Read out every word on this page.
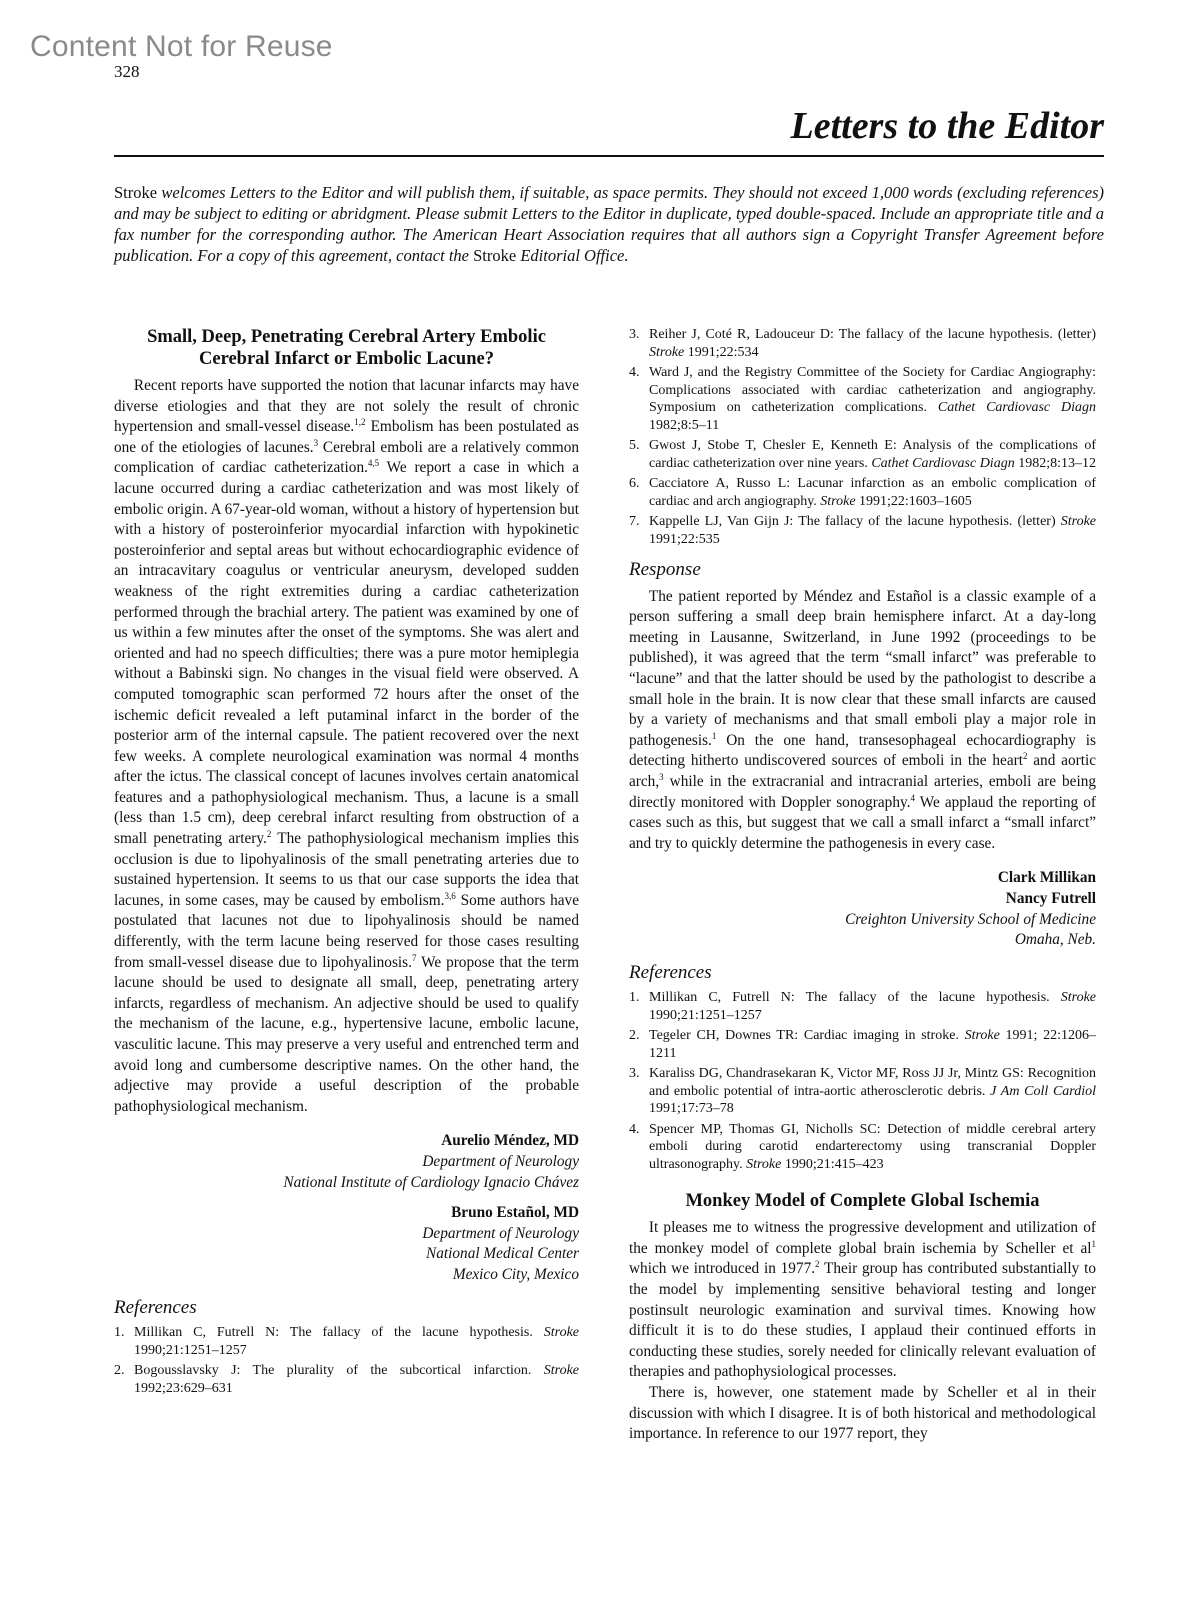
Content Not for Reuse
328
Letters to the Editor
Stroke welcomes Letters to the Editor and will publish them, if suitable, as space permits. They should not exceed 1,000 words (excluding references) and may be subject to editing or abridgment. Please submit Letters to the Editor in duplicate, typed double-spaced. Include an appropriate title and a fax number for the corresponding author. The American Heart Association requires that all authors sign a Copyright Transfer Agreement before publication. For a copy of this agreement, contact the Stroke Editorial Office.
Small, Deep, Penetrating Cerebral Artery Embolic Cerebral Infarct or Embolic Lacune?

Recent reports have supported the notion that lacunar infarcts may have diverse etiologies and that they are not solely the result of chronic hypertension and small-vessel disease.$^{1,2}$ Embolism has been postulated as one of the etiologies of lacunes.$^3$ Cerebral emboli are a relatively common complication of cardiac catheterization.$^{4,5}$ We report a case in which a lacune occurred during a cardiac catheterization and was most likely of embolic origin. A 67-year-old woman, without a history of hypertension but with a history of posteroinferior myocardial infarction with hypokinetic posteroinferior and septal areas but without echocardiographic evidence of an intracavitary coagulus or ventricular aneurysm, developed sudden weakness of the right extremities during a cardiac catheterization performed through the brachial artery. The patient was examined by one of us within a few minutes after the onset of the symptoms. She was alert and oriented and had no speech difficulties; there was a pure motor hemiplegia without a Babinski sign. No changes in the visual field were observed. A computed tomographic scan performed 72 hours after the onset of the ischemic deficit revealed a left putaminal infarct in the border of the posterior arm of the internal capsule. The patient recovered over the next few weeks. A complete neurological examination was normal 4 months after the ictus. The classical concept of lacunes involves certain anatomical features and a pathophysiological mechanism. Thus, a lacune is a small (less than 1.5 cm), deep cerebral infarct resulting from obstruction of a small penetrating artery.$^2$ The pathophysiological mechanism implies this occlusion is due to lipohyalinosis of the small penetrating arteries due to sustained hypertension. It seems to us that our case supports the idea that lacunes, in some cases, may be caused by embolism.$^{3,6}$ Some authors have postulated that lacunes not due to lipohyalinosis should be named differently, with the term lacune being reserved for those cases resulting from small-vessel disease due to lipohyalinosis.$^7$ We propose that the term lacune should be used to designate all small, deep, penetrating artery infarcts, regardless of mechanism. An adjective should be used to qualify the mechanism of the lacune, e.g., hypertensive lacune, embolic lacune, vasculitic lacune. This may preserve a very useful and entrenched term and avoid long and cumbersome descriptive names. On the other hand, the adjective may provide a useful description of the probable pathophysiological mechanism.

Aurelio Méndez, MD
Department of Neurology
National Institute of Cardiology Ignacio Chávez
Bruno Estañol, MD
Department of Neurology
National Medical Center
Mexico City, Mexico
References
1. Millikan C, Futrell N: The fallacy of the lacune hypothesis. Stroke 1990;21:1251–1257
2. Bogousslavsky J: The plurality of the subcortical infarction. Stroke 1992;23:629–631
3. Reiher J, Coté R, Ladouceur D: The fallacy of the lacune hypothesis. (letter) Stroke 1991;22:534
4. Ward J, and the Registry Committee of the Society for Cardiac Angiography: Complications associated with cardiac catheterization and angiography. Symposium on catheterization complications. Cathet Cardiovasc Diagn 1982;8:5–11
5. Gwost J, Stobe T, Chesler E, Kenneth E: Analysis of the complications of cardiac catheterization over nine years. Cathet Cardiovasc Diagn 1982;8:13–12
6. Cacciatore A, Russo L: Lacunar infarction as an embolic complication of cardiac and arch angiography. Stroke 1991;22:1603–1605
7. Kappelle LJ, Van Gijn J: The fallacy of the lacune hypothesis. (letter) Stroke 1991;22:535
Response

The patient reported by Méndez and Estañol is a classic example of a person suffering a small deep brain hemisphere infarct. At a day-long meeting in Lausanne, Switzerland, in June 1992 (proceedings to be published), it was agreed that the term “small infarct” was preferable to “lacune” and that the latter should be used by the pathologist to describe a small hole in the brain. It is now clear that these small infarcts are caused by a variety of mechanisms and that small emboli play a major role in pathogenesis.$^1$ On the one hand, transesophageal echocardiography is detecting hitherto undiscovered sources of emboli in the heart$^2$ and aortic arch,$^3$ while in the extracranial and intracranial arteries, emboli are being directly monitored with Doppler sonography.$^4$ We applaud the reporting of cases such as this, but suggest that we call a small infarct a “small infarct” and try to quickly determine the pathogenesis in every case.

Clark Millikan
Nancy Futrell
Creighton University School of Medicine
Omaha, Neb.
References
1. Millikan C, Futrell N: The fallacy of the lacune hypothesis. Stroke 1990;21:1251–1257
2. Tegeler CH, Downes TR: Cardiac imaging in stroke. Stroke 1991; 22:1206–1211
3. Karaliss DG, Chandrasekaran K, Victor MF, Ross JJ Jr, Mintz GS: Recognition and embolic potential of intra-aortic atherosclerotic debris. J Am Coll Cardiol 1991;17:73–78
4. Spencer MP, Thomas GI, Nicholls SC: Detection of middle cerebral artery emboli during carotid endarterectomy using transcranial Doppler ultrasonography. Stroke 1990;21:415–423
Monkey Model of Complete Global Ischemia

It pleases me to witness the progressive development and utilization of the monkey model of complete global brain ischemia by Scheller et $al^1$ which we introduced in 1977.$^2$ Their group has contributed substantially to the model by implementing sensitive behavioral testing and longer postinsult neurologic examination and survival times. Knowing how difficult it is to do these studies, I applaud their continued efforts in conducting these studies, sorely needed for clinically relevant evaluation of therapies and pathophysiological processes.

There is, however, one statement made by Scheller et al in their discussion with which I disagree. It is of both historical and methodological importance. In reference to our 1977 report, they
